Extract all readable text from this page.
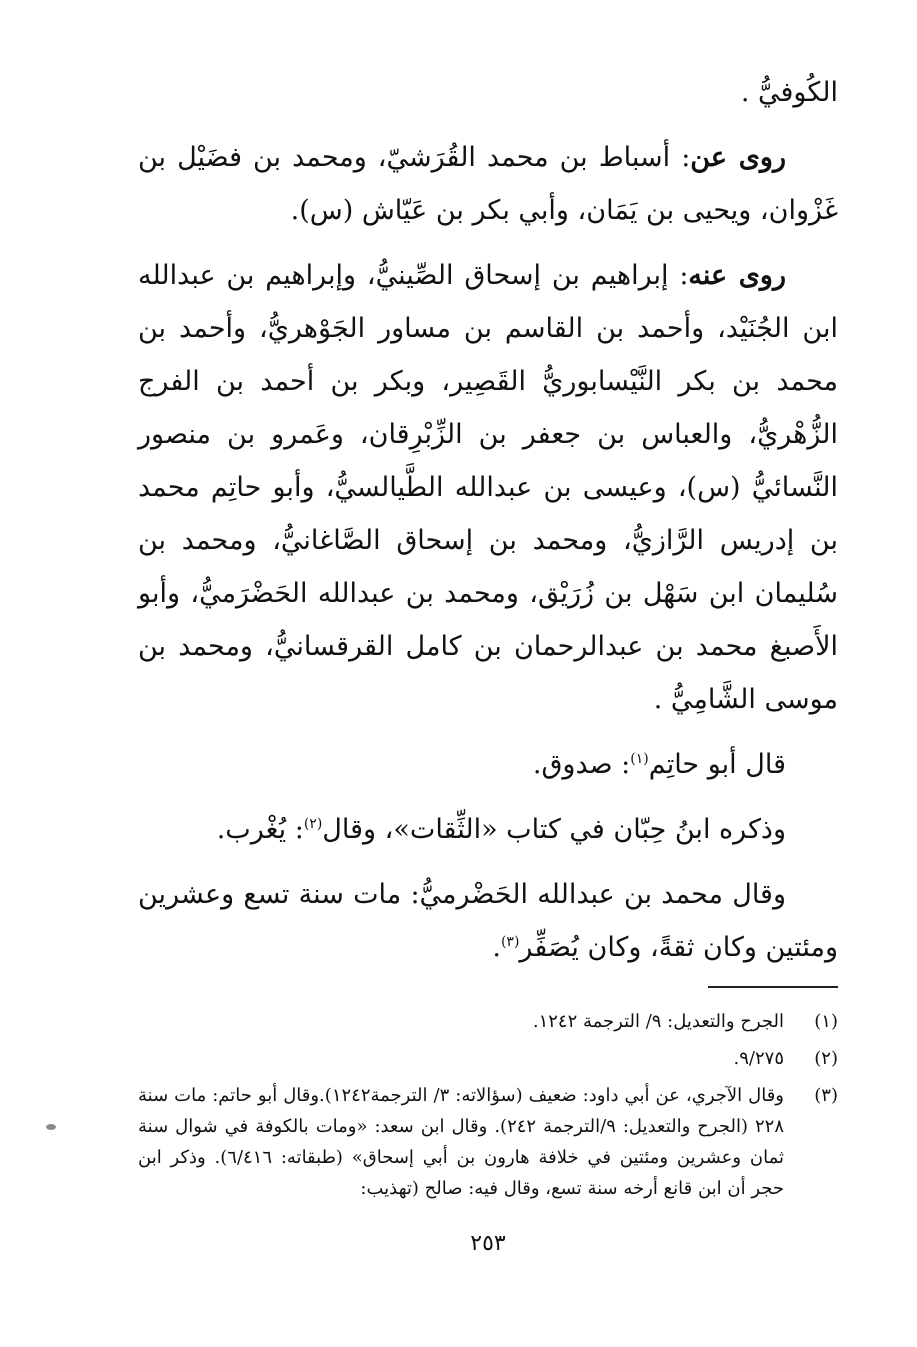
الكُوفيُّ .

روى عن: أسباط بن محمد القُرَشيّ، ومحمد بن فضَيْل بن غَزْوان، ويحيى بن يَمَان، وأبي بكر بن عَيّاش (س).

روى عنه: إبراهيم بن إسحاق الصِّينيُّ، وإبراهيم بن عبدالله ابن الجُنَيْد، وأحمد بن القاسم بن مساور الجَوْهريُّ، وأحمد بن محمد بن بكر النَّيْسابوريُّ القَصِير، وبكر بن أحمد بن الفرج الزُّهْريُّ، والعباس بن جعفر بن الزِّبْرِقان، وعَمرو بن منصور النَّسائيُّ (س)، وعيسى بن عبدالله الطَّيالسيُّ، وأبو حاتِم محمد بن إدريس الرَّازيُّ، ومحمد بن إسحاق الصَّاغانيُّ، ومحمد بن سُليمان ابن سَهْل بن زُرَيْق، ومحمد بن عبدالله الحَضْرَميُّ، وأبو الأَصبغ محمد بن عبدالرحمان بن كامل القرقسانيُّ، ومحمد بن موسى الشَّامِيُّ .

قال أبو حاتِم$^{(١)}$: صدوق.

وذكره ابنُ حِبّان في كتاب «الثِّقات»، وقال$^{(٢)}$: يُغْرب.

وقال محمد بن عبدالله الحَضْرميُّ: مات سنة تسع وعشرين ومئتين وكان ثقةً، وكان يُصَفِّر$^{(٣)}$.

(١)
الجرح والتعديل: ٩/ الترجمة ١٢٤٢.
(٢)
٩/٢٧٥.
(٣)
وقال الآجري، عن أبي داود: ضعيف (سؤالاته: ٣/ الترجمة١٢٤٢).وقال أبو حاتم: مات سنة ٢٢٨ (الجرح والتعديل: ٩/الترجمة ٢٤٢). وقال ابن سعد: «ومات بالكوفة في شوال سنة ثمان وعشرين ومئتين في خلافة هارون بن أبي إسحاق» (طبقاته: ٦/٤١٦). وذكر ابن حجر أن ابن قانع أرخه سنة تسع، وقال فيه: صالح (تهذيب:
٢٥٣
